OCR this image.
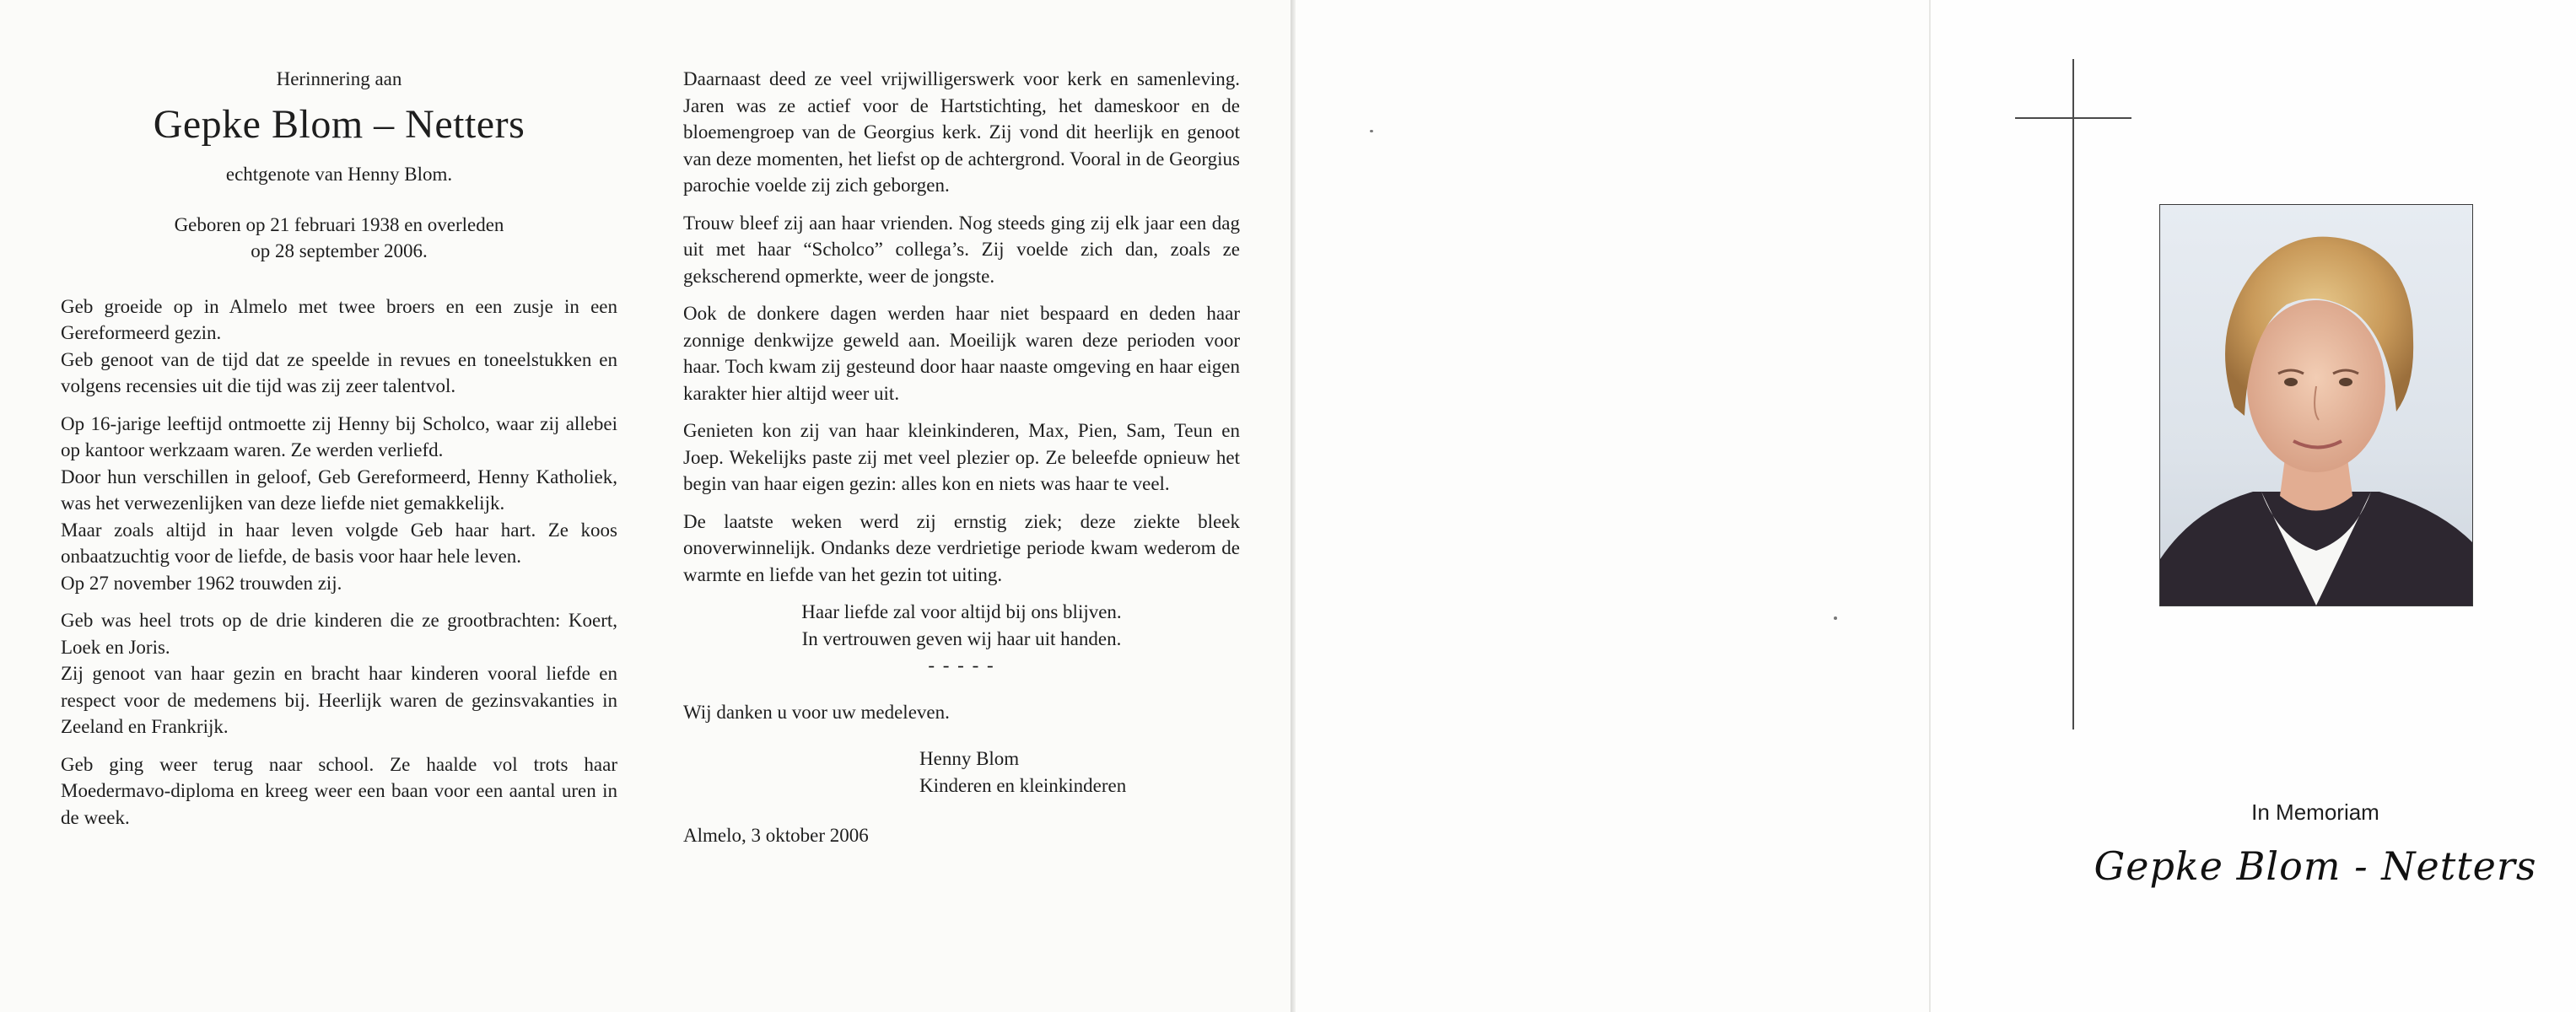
Herinnering aan
Gepke Blom – Netters
echtgenote van Henny Blom.
Geboren op 21 februari 1938 en overleden
op 28 september 2006.

Geb groeide op in Almelo met twee broers en een zusje in een Gereformeerd gezin.

Geb genoot van de tijd dat ze speelde in revues en toneelstukken en volgens recensies uit die tijd was zij zeer talentvol.

Op 16-jarige leeftijd ontmoette zij Henny bij Scholco, waar zij allebei op kantoor werkzaam waren. Ze werden verliefd.

Door hun verschillen in geloof, Geb Gereformeerd, Henny Katholiek, was het verwezenlijken van deze liefde niet gemakkelijk.

Maar zoals altijd in haar leven volgde Geb haar hart. Ze koos onbaatzuchtig voor de liefde, de basis voor haar hele leven.

Op 27 november 1962 trouwden zij.

Geb was heel trots op de drie kinderen die ze grootbrachten: Koert, Loek en Joris.

Zij genoot van haar gezin en bracht haar kinderen vooral liefde en respect voor de medemens bij. Heerlijk waren de gezinsvakanties in Zeeland en Frankrijk.

Geb ging weer terug naar school. Ze haalde vol trots haar Moedermavo-diploma en kreeg weer een baan voor een aantal uren in de week.

Daarnaast deed ze veel vrijwilligerswerk voor kerk en samenleving. Jaren was ze actief voor de Hartstichting, het dameskoor en de bloemengroep van de Georgius kerk. Zij vond dit heerlijk en genoot van deze momenten, het liefst op de achtergrond. Vooral in de Georgius parochie voelde zij zich geborgen.

Trouw bleef zij aan haar vrienden. Nog steeds ging zij elk jaar een dag uit met haar “Scholco” collega’s. Zij voelde zich dan, zoals ze gekscherend opmerkte, weer de jongste.

Ook de donkere dagen werden haar niet bespaard en deden haar zonnige denkwijze geweld aan. Moeilijk waren deze perioden voor haar. Toch kwam zij gesteund door haar naaste omgeving en haar eigen karakter hier altijd weer uit.

Genieten kon zij van haar kleinkinderen, Max, Pien, Sam, Teun en Joep. Wekelijks paste zij met veel plezier op. Ze beleefde opnieuw het begin van haar eigen gezin: alles kon en niets was haar te veel.

De laatste weken werd zij ernstig ziek; deze ziekte bleek onoverwinnelijk. Ondanks deze verdrietige periode kwam wederom de warmte en liefde van het gezin tot uiting.

Haar liefde zal voor altijd bij ons blijven.
In vertrouwen geven wij haar uit handen.
- - - - -
Wij danken u voor uw medeleven.
Henny Blom
Kinderen en kleinkinderen
Almelo, 3 oktober 2006
In Memoriam
Gepke Blom - Netters
